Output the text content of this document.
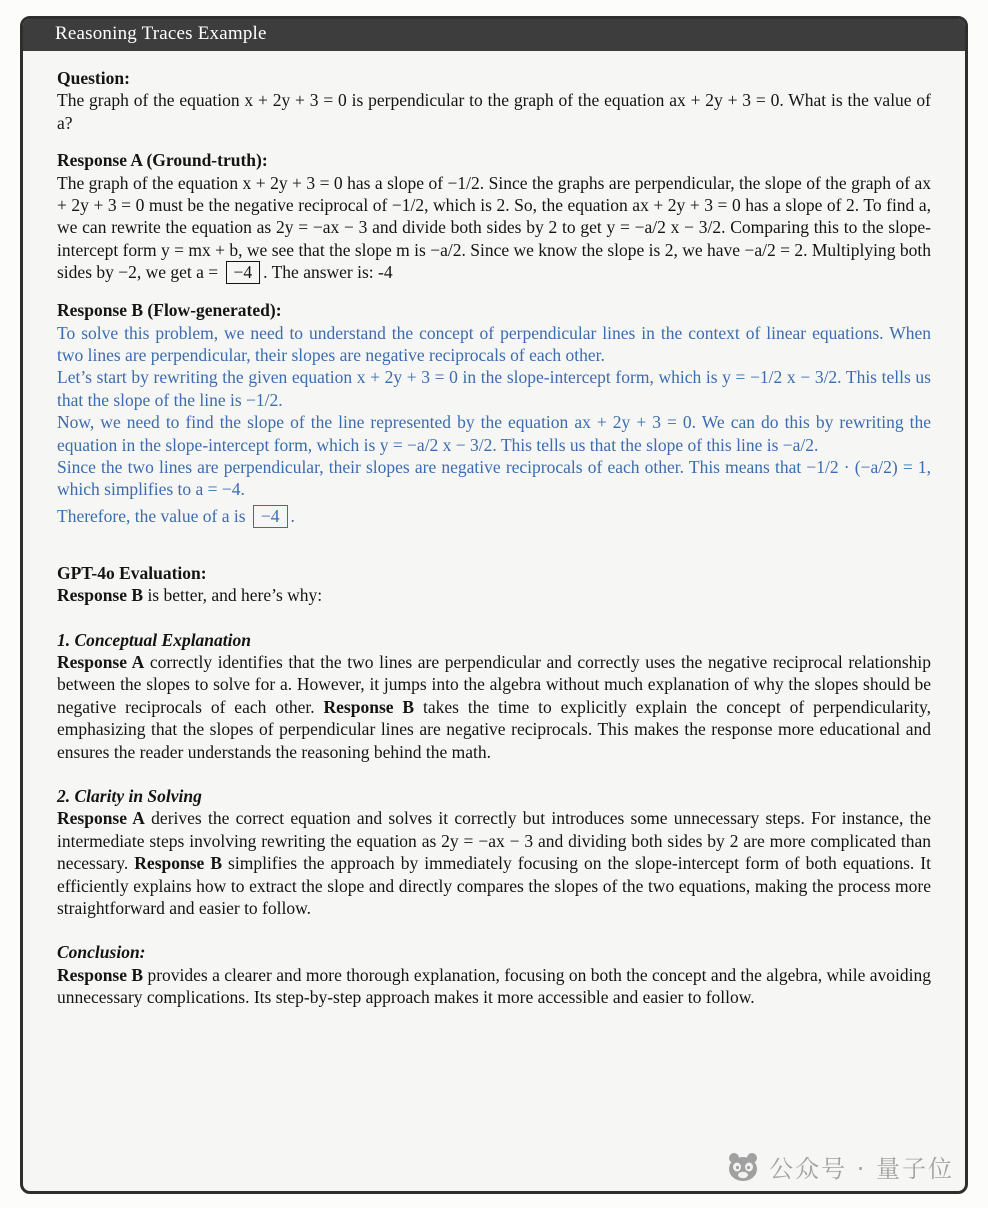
Reasoning Traces Example
Question:
The graph of the equation x + 2y + 3 = 0 is perpendicular to the graph of the equation ax + 2y + 3 = 0. What is the value of a?
Response A (Ground-truth):
The graph of the equation x + 2y + 3 = 0 has a slope of −1/2. Since the graphs are perpendicular, the slope of the graph of ax + 2y + 3 = 0 must be the negative reciprocal of −1/2, which is 2. So, the equation ax + 2y + 3 = 0 has a slope of 2. To find a, we can rewrite the equation as 2y = −ax − 3 and divide both sides by 2 to get y = −a/2 x − 3/2. Comparing this to the slope-intercept form y = mx + b, we see that the slope m is −a/2. Since we know the slope is 2, we have −a/2 = 2. Multiplying both sides by −2, we get a = −4 . The answer is: -4
Response B (Flow-generated):

To solve this problem, we need to understand the concept of perpendicular lines in the context of linear equations. When two lines are perpendicular, their slopes are negative reciprocals of each other.

Let’s start by rewriting the given equation x + 2y + 3 = 0 in the slope-intercept form, which is y = −1/2 x − 3/2. This tells us that the slope of the line is −1/2.

Now, we need to find the slope of the line represented by the equation ax + 2y + 3 = 0. We can do this by rewriting the equation in the slope-intercept form, which is y = −a/2 x − 3/2. This tells us that the slope of this line is −a/2.

Since the two lines are perpendicular, their slopes are negative reciprocals of each other. This means that −1/2 · (−a/2) = 1, which simplifies to a = −4.

Therefore, the value of a is −4 .

GPT-4o Evaluation:

Response B is better, and here’s why:

1. Conceptual Explanation

Response A correctly identifies that the two lines are perpendicular and correctly uses the negative reciprocal relationship between the slopes to solve for a. However, it jumps into the algebra without much explanation of why the slopes should be negative reciprocals of each other. Response B takes the time to explicitly explain the concept of perpendicularity, emphasizing that the slopes of perpendicular lines are negative reciprocals. This makes the response more educational and ensures the reader understands the reasoning behind the math.

2. Clarity in Solving

Response A derives the correct equation and solves it correctly but introduces some unnecessary steps. For instance, the intermediate steps involving rewriting the equation as 2y = −ax − 3 and dividing both sides by 2 are more complicated than necessary. Response B simplifies the approach by immediately focusing on the slope-intercept form of both equations. It efficiently explains how to extract the slope and directly compares the slopes of the two equations, making the process more straightforward and easier to follow.

Conclusion:

Response B provides a clearer and more thorough explanation, focusing on both the concept and the algebra, while avoiding unnecessary complications. Its step-by-step approach makes it more accessible and easier to follow.

公众号 · 量子位
